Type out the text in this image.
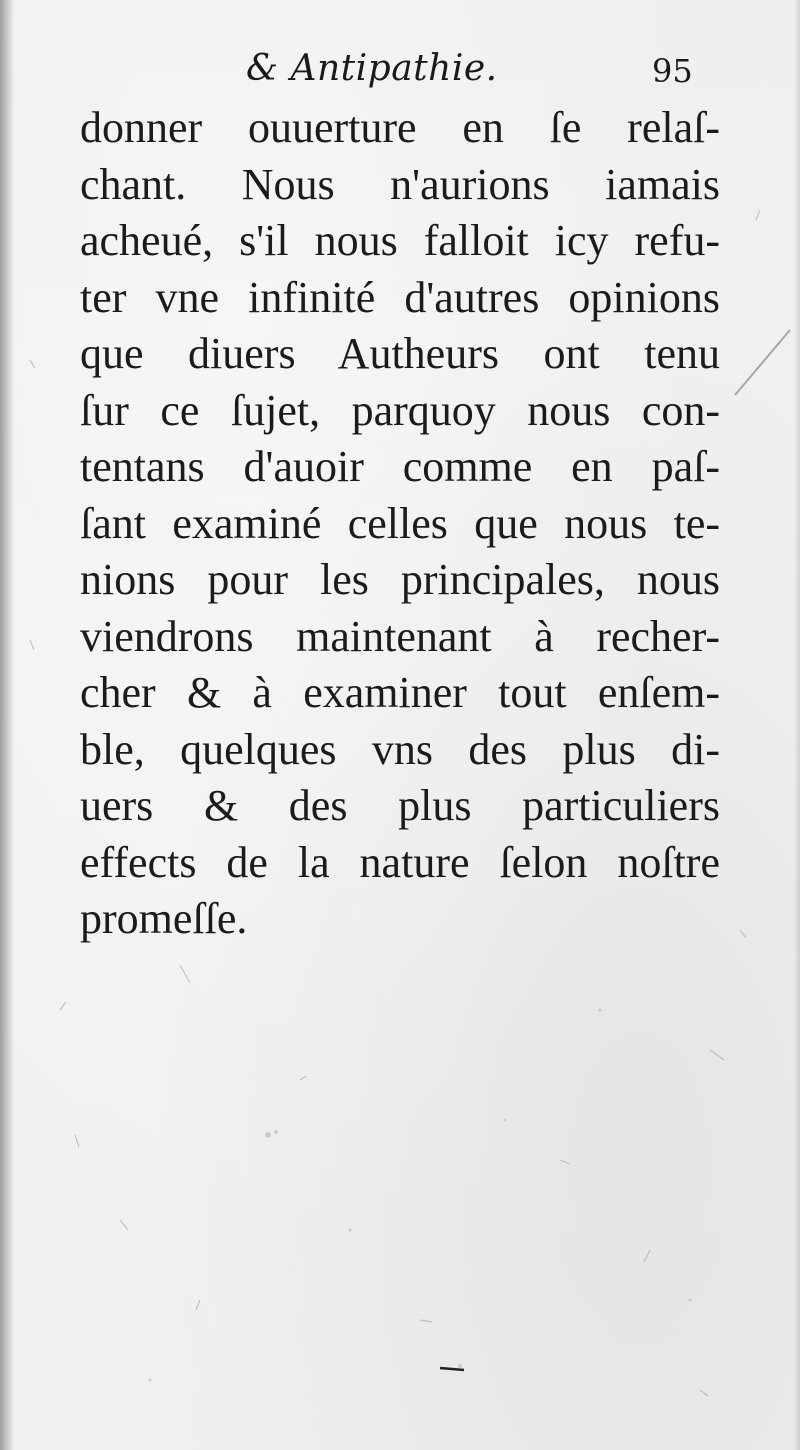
& Antipathie.	95
donner ouuerture en ſe relaſ-
chant. Nous n'aurions iamais
acheué, s'il nous falloit icy refu-
ter vne infinité d'autres opinions
que diuers Autheurs ont tenu
ſur ce ſujet, parquoy nous con-
tentans d'auoir comme en paſ-
ſant examiné celles que nous te-
nions pour les principales, nous
viendrons maintenant à recher-
cher & à examiner tout enſem-
ble, quelques vns des plus di-
uers & des plus particuliers
effects de la nature ſelon noſtre
promeſſe.
